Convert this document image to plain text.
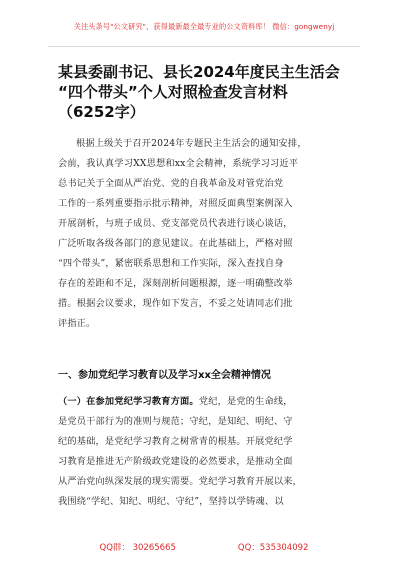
关注头条号"公文研究"，获得最新最全最专业的公文资料库！ 微信：gongwenyj
某县委副书记、县长2024年度民主生活会
“四个带头”个人对照检查发言材料
（6252字）
根据上级关于召开2024年专题民主生活会的通知安排，
会前，我认真学习XX思想和xx全会精神，系统学习习近平
总书记关于全面从严治党、党的自我革命及对管党治党
工作的一系列重要指示批示精神，对照反面典型案例深入
开展剖析，与班子成员、党支部党员代表进行谈心谈话，
广泛听取各级各部门的意见建议。在此基础上，严格对照
“四个带头”，紧密联系思想和工作实际，深入查找自身
存在的差距和不足，深刻剖析问题根源，逐一明确整改举
措。根据会议要求，现作如下发言，不妥之处请同志们批
评指正。
一、参加党纪学习教育以及学习xx全会精神情况
（一）在参加党纪学习教育方面。党纪，是党的生命线，
是党员干部行为的准则与规范；守纪，是知纪、明纪、守
纪的基础，是党纪学习教育之树常青的根基。开展党纪学
习教育是推进无产阶级政党建设的必然要求，是推动全面
从严治党向纵深发展的现实需要。党纪学习教育开展以来，
我围绕“学纪、知纪、明纪、守纪”，坚持以学铸魂、以
QQ群： 30265665	QQ：535304092
